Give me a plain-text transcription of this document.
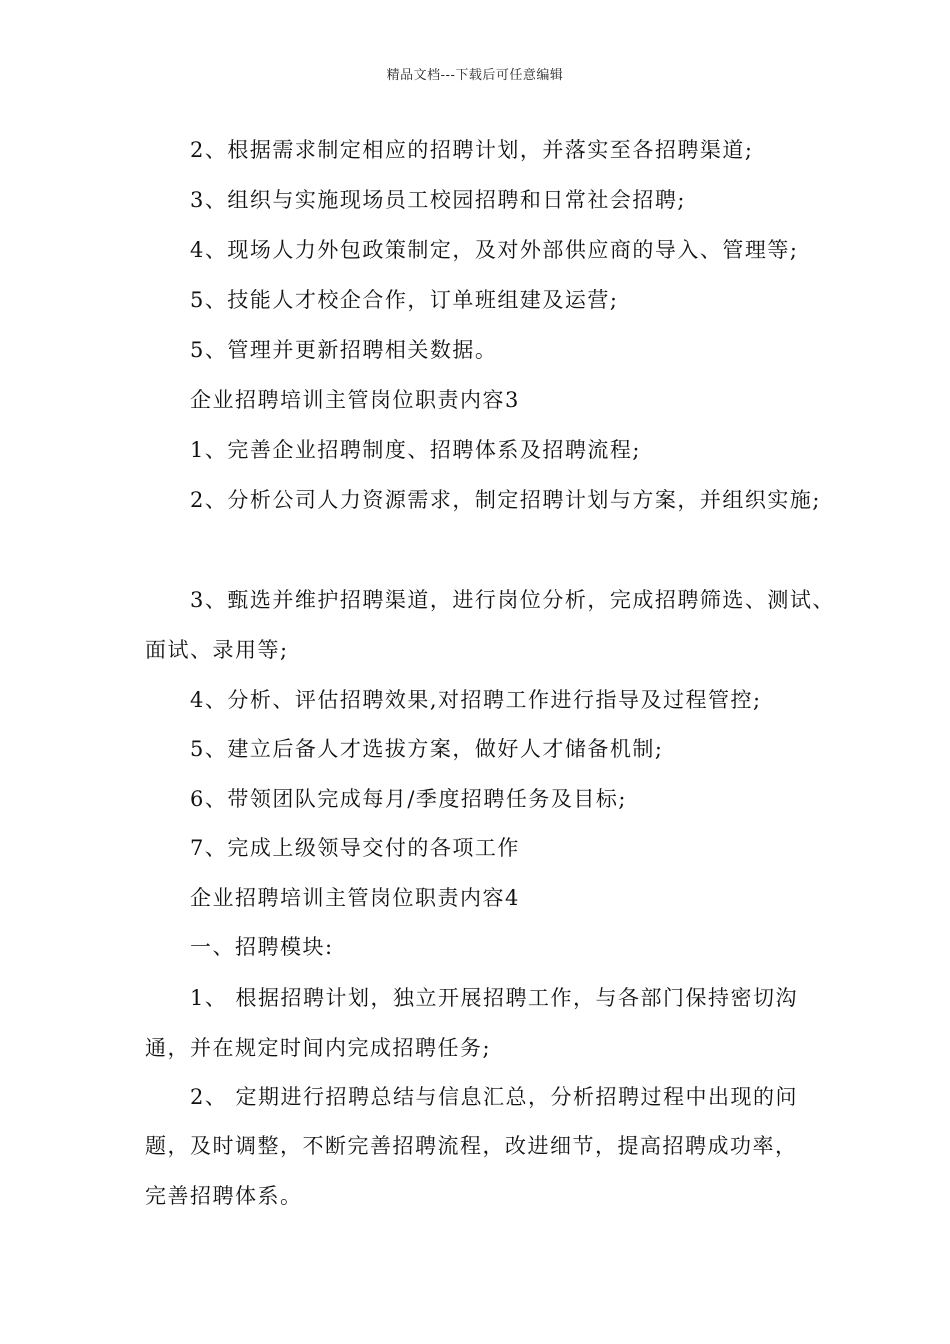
精品文档---下载后可任意编辑
2、根据需求制定相应的招聘计划，并落实至各招聘渠道;
3、组织与实施现场员工校园招聘和日常社会招聘;
4、现场人力外包政策制定，及对外部供应商的导入、管理等;
5、技能人才校企合作，订单班组建及运营;
5、管理并更新招聘相关数据。
企业招聘培训主管岗位职责内容3
1、完善企业招聘制度、招聘体系及招聘流程;
2、分析公司人力资源需求，制定招聘计划与方案，并组织实施;
3、甄选并维护招聘渠道，进行岗位分析，完成招聘筛选、测试、
面试、录用等;
4、分析、评估招聘效果,对招聘工作进行指导及过程管控;
5、建立后备人才选拔方案，做好人才储备机制;
6、带领团队完成每月/季度招聘任务及目标;
7、完成上级领导交付的各项工作
企业招聘培训主管岗位职责内容4
一、招聘模块:
1、 根据招聘计划，独立开展招聘工作，与各部门保持密切沟
通，并在规定时间内完成招聘任务;
2、 定期进行招聘总结与信息汇总，分析招聘过程中出现的问
题，及时调整，不断完善招聘流程，改进细节，提高招聘成功率，
完善招聘体系。
